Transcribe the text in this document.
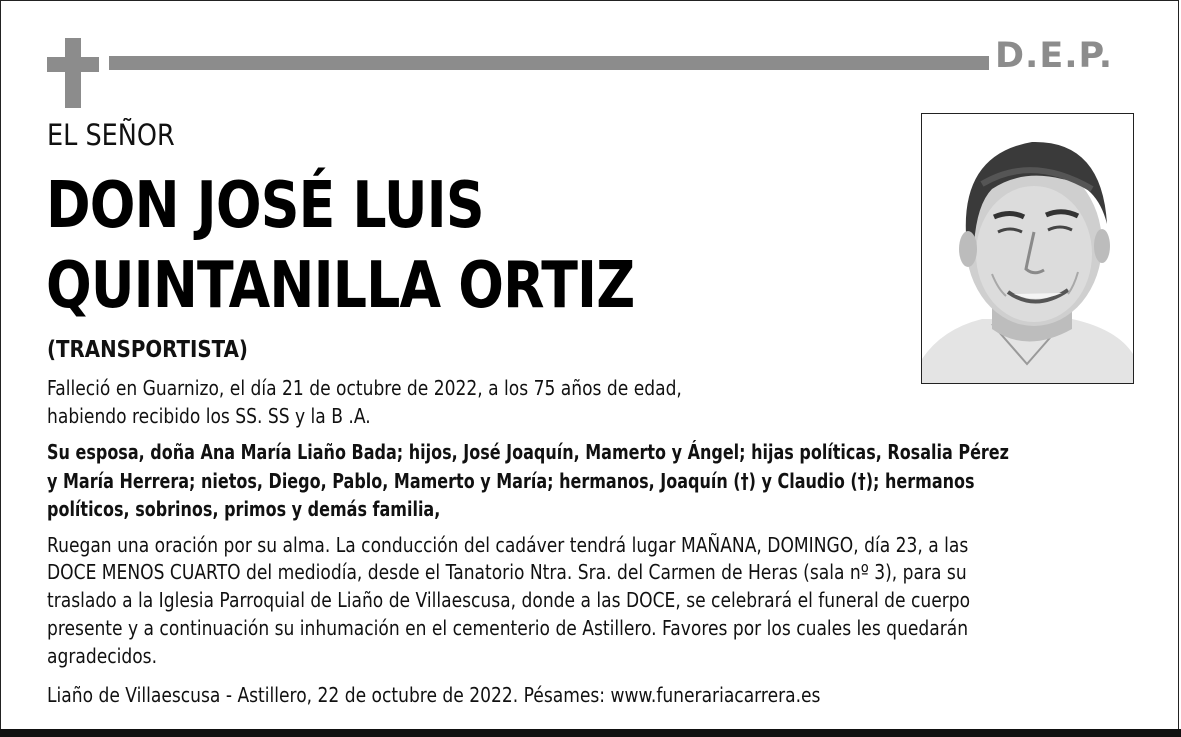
D.E.P.
EL SEÑOR
DON JOSÉ LUIS
QUINTANILLA ORTIZ
(TRANSPORTISTA)
Falleció en Guarnizo, el día 21 de octubre de 2022, a los 75 años de edad,
habiendo recibido los SS. SS y la B .A.
Su esposa, doña Ana María Liaño Bada; hijos, José Joaquín, Mamerto y Ángel; hijas políticas, Rosalia Pérez
y María Herrera; nietos, Diego, Pablo, Mamerto y María; hermanos, Joaquín (†) y Claudio (†); hermanos
políticos, sobrinos, primos y demás familia,
Ruegan una oración por su alma. La conducción del cadáver tendrá lugar MAÑANA, DOMINGO, día 23, a las
DOCE MENOS CUARTO del mediodía, desde el Tanatorio Ntra. Sra. del Carmen de Heras (sala nº 3), para su
traslado a la Iglesia Parroquial de Liaño de Villaescusa, donde a las DOCE, se celebrará el funeral de cuerpo
presente y a continuación su inhumación en el cementerio de Astillero. Favores por los cuales les quedarán
agradecidos.
Liaño de Villaescusa - Astillero, 22 de octubre de 2022. Pésames: www.funerariacarrera.es
